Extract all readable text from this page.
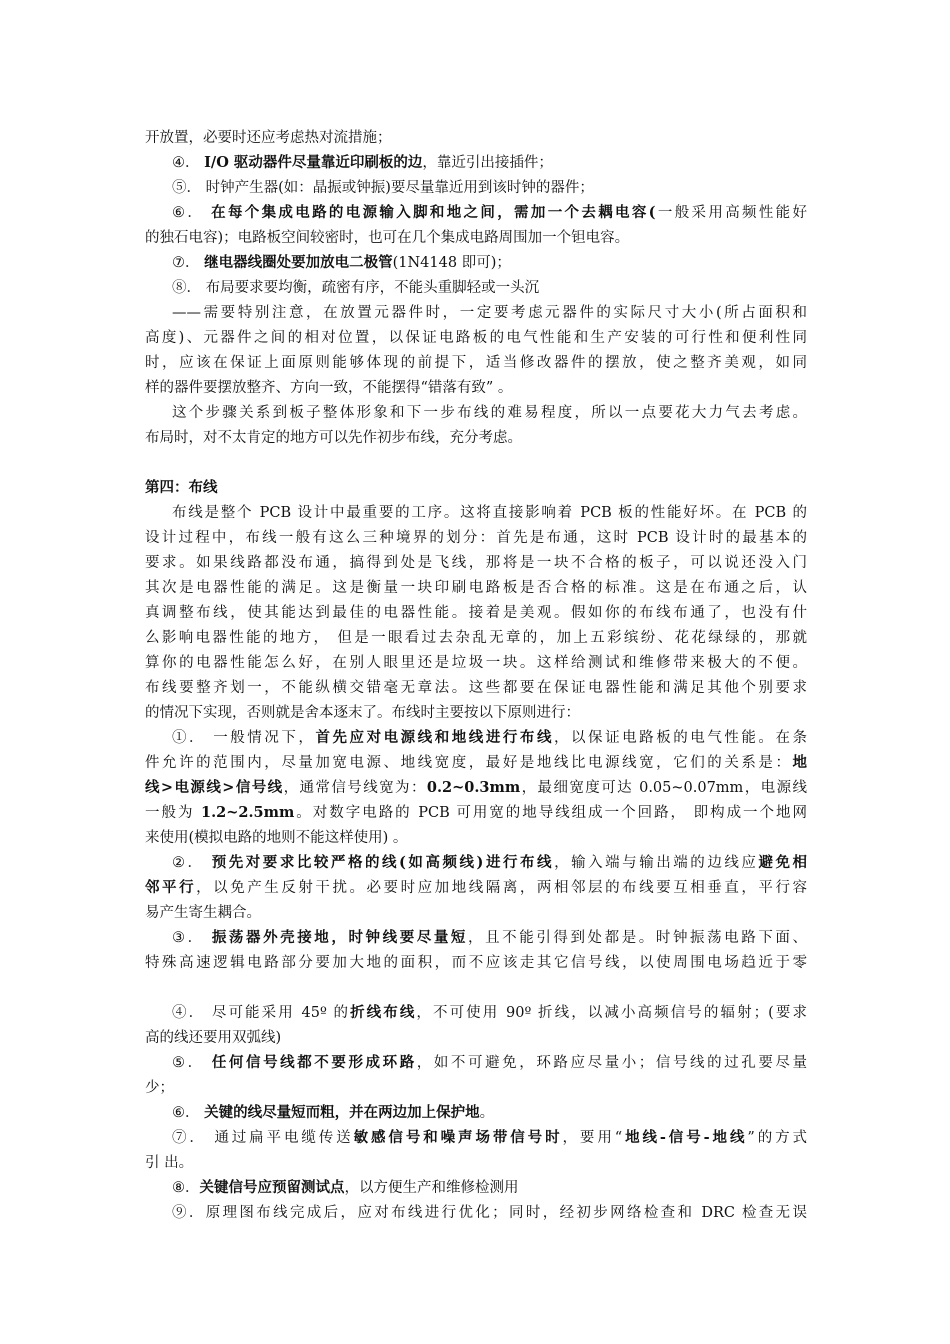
开放置，必要时还应考虑热对流措施；
④． I/O 驱动器件尽量靠近印刷板的边，靠近引出接插件；
⑤． 时钟产生器(如：晶振或钟振)要尽量靠近用到该时钟的器件；
⑥． 在每个集成电路的电源输入脚和地之间，需加一个去耦电容(一般采用高频性能好
的独石电容)；电路板空间较密时，也可在几个集成电路周围加一个钽电容。
⑦． 继电器线圈处要加放电二极管(1N4148 即可)；
⑧． 布局要求要均衡，疏密有序，不能头重脚轻或一头沉
——需要特别注意，在放置元器件时，一定要考虑元器件的实际尺寸大小(所占面积和
高度)、元器件之间的相对位置，以保证电路板的电气性能和生产安装的可行性和便利性同
时，应该在保证上面原则能够体现的前提下，适当修改器件的摆放，使之整齐美观，如同
样的器件要摆放整齐、方向一致，不能摆得“错落有致” 。
这个步骤关系到板子整体形象和下一步布线的难易程度，所以一点要花大力气去考虑。
布局时，对不太肯定的地方可以先作初步布线，充分考虑。
第四：布线
布线是整个 PCB 设计中最重要的工序。这将直接影响着 PCB 板的性能好坏。在 PCB 的
设计过程中，布线一般有这么三种境界的划分：首先是布通，这时 PCB 设计时的最基本的
要求。如果线路都没布通，搞得到处是飞线，那将是一块不合格的板子，可以说还没入门
其次是电器性能的满足。这是衡量一块印刷电路板是否合格的标准。这是在布通之后，认
真调整布线，使其能达到最佳的电器性能。接着是美观。假如你的布线布通了，也没有什
么影响电器性能的地方， 但是一眼看过去杂乱无章的，加上五彩缤纷、花花绿绿的，那就
算你的电器性能怎么好，在别人眼里还是垃圾一块。这样给测试和维修带来极大的不便。
布线要整齐划一，不能纵横交错毫无章法。这些都要在保证电器性能和满足其他个别要求
的情况下实现，否则就是舍本逐末了。布线时主要按以下原则进行：
①． 一般情况下，首先应对电源线和地线进行布线，以保证电路板的电气性能。在条
件允许的范围内，尽量加宽电源、地线宽度，最好是地线比电源线宽，它们的关系是：地
线>电源线>信号线，通常信号线宽为：0.2~0.3mm，最细宽度可达 0.05~0.07mm，电源线
一般为 1.2~2.5mm。对数字电路的 PCB 可用宽的地导线组成一个回路， 即构成一个地网
来使用(模拟电路的地则不能这样使用) 。
②． 预先对要求比较严格的线(如高频线)进行布线，输入端与输出端的边线应避免相
邻平行，以免产生反射干扰。必要时应加地线隔离，两相邻层的布线要互相垂直，平行容
易产生寄生耦合。
③． 振荡器外壳接地，时钟线要尽量短，且不能引得到处都是。时钟振荡电路下面、
特殊高速逻辑电路部分要加大地的面积，而不应该走其它信号线，以使周围电场趋近于零
④． 尽可能采用 45º 的折线布线，不可使用 90º 折线，以减小高频信号的辐射；(要求
高的线还要用双弧线)
⑤． 任何信号线都不要形成环路，如不可避免，环路应尽量小；信号线的过孔要尽量
少；
⑥． 关键的线尽量短而粗，并在两边加上保护地。
⑦． 通过扁平电缆传送敏感信号和噪声场带信号时，要用“地线-信号-地线”的方式
引 出。
⑧．关键信号应预留测试点，以方便生产和维修检测用
⑨．原理图布线完成后，应对布线进行优化；同时，经初步网络检查和 DRC 检查无误
